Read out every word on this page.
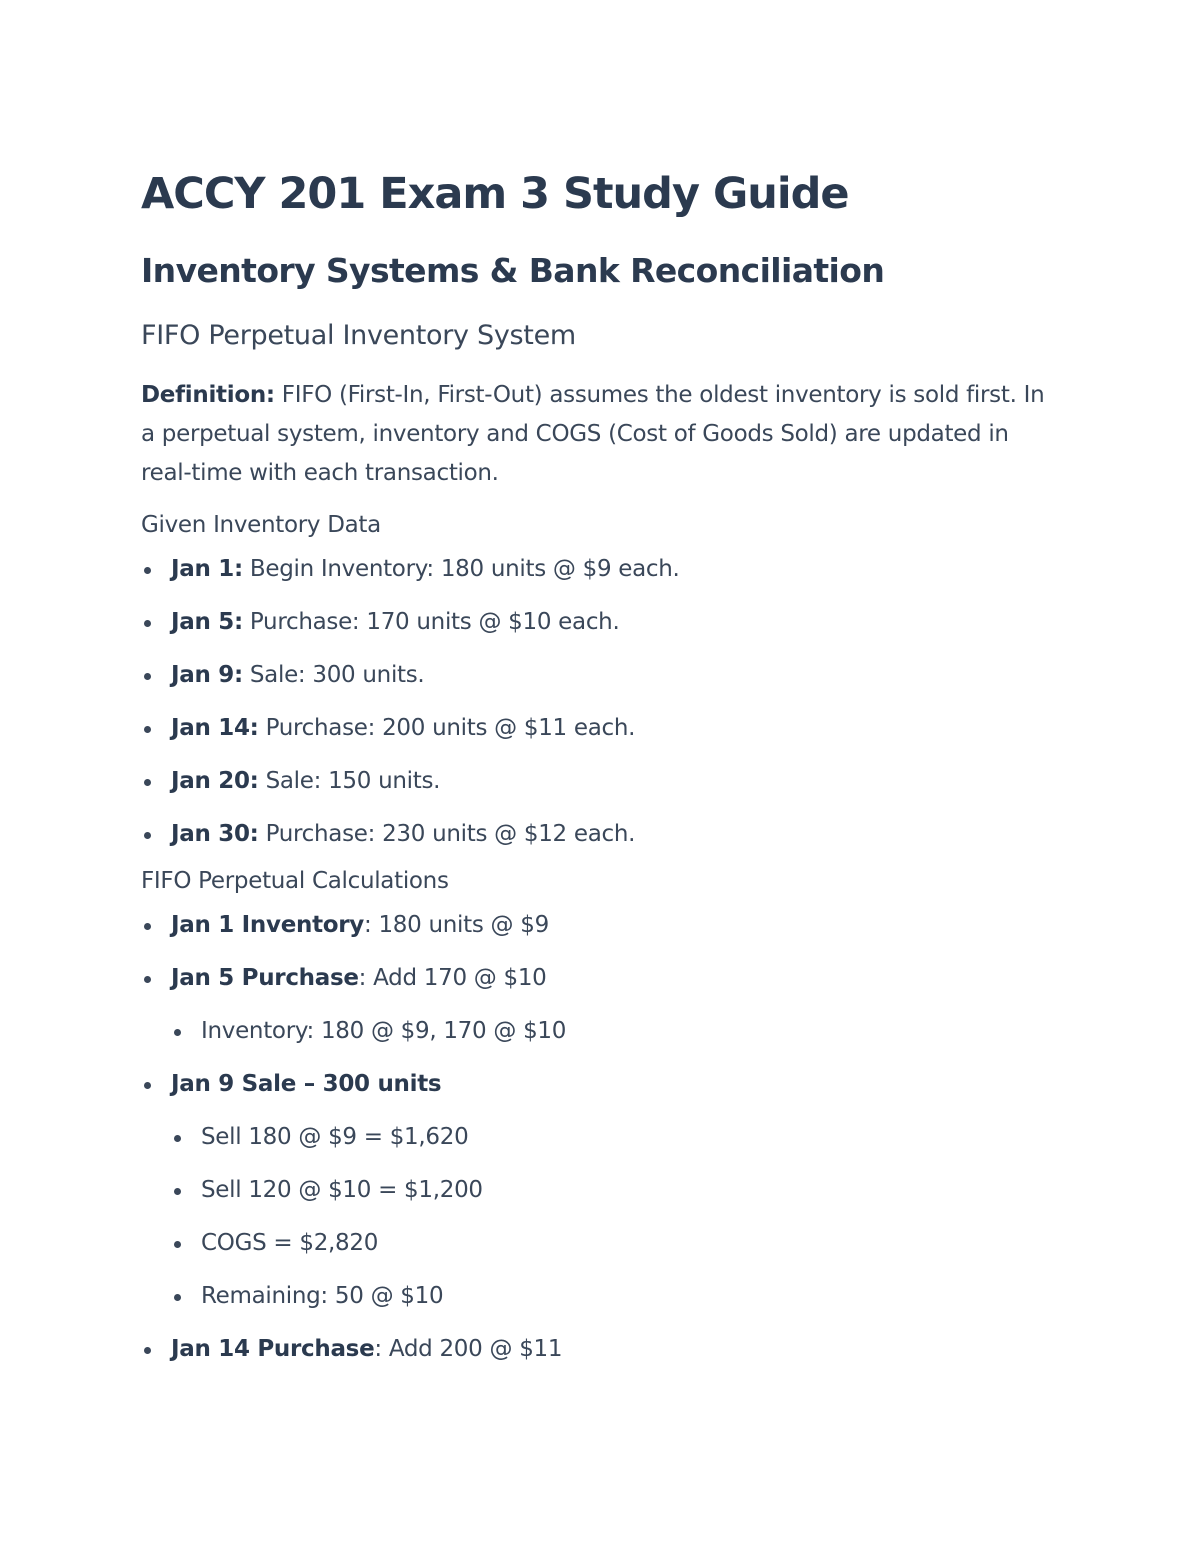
ACCY 201 Exam 3 Study Guide
Inventory Systems & Bank Reconciliation
FIFO Perpetual Inventory System

Definition: FIFO (First-In, First-Out) assumes the oldest inventory is sold first. In a perpetual system, inventory and COGS (Cost of Goods Sold) are updated in real-time with each transaction.

Given Inventory Data
Jan 1: Begin Inventory: 180 units @ $9 each.
Jan 5: Purchase: 170 units @ $10 each.
Jan 9: Sale: 300 units.
Jan 14: Purchase: 200 units @ $11 each.
Jan 20: Sale: 150 units.
Jan 30: Purchase: 230 units @ $12 each.
FIFO Perpetual Calculations
Jan 1 Inventory: 180 units @ $9
Jan 5 Purchase: Add 170 @ $10
Inventory: 180 @ $9, 170 @ $10
Jan 9 Sale – 300 units
Sell 180 @ $9 = $1,620
Sell 120 @ $10 = $1,200
COGS = $2,820
Remaining: 50 @ $10
Jan 14 Purchase: Add 200 @ $11
